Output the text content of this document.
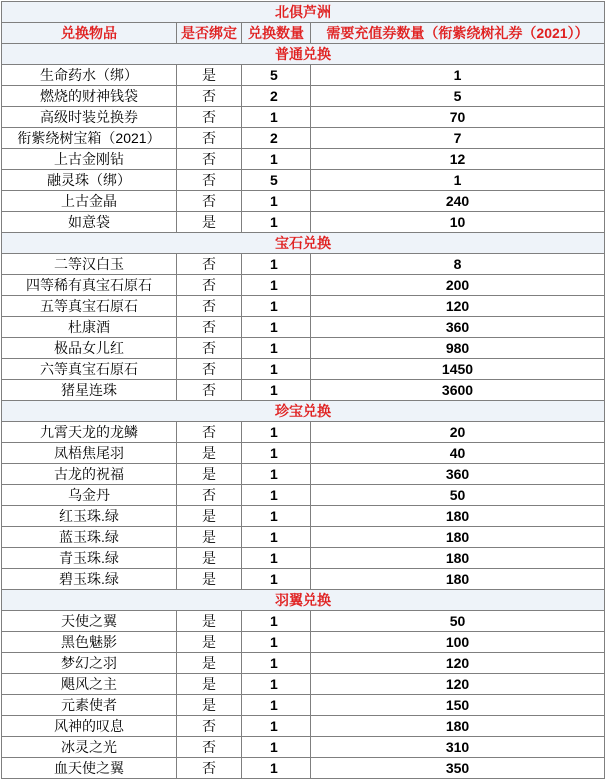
北俱芦洲			
兑换物品	是否绑定	兑换数量	需要充值券数量（衔紫绕树礼券（2021））
普通兑换			
生命药水（绑）	是	5	1
燃烧的财神钱袋	否	2	5
高级时装兑换券	否	1	70
衔紫绕树宝箱（2021）	否	2	7
上古金刚钻	否	1	12
融灵珠（绑）	否	5	1
上古金晶	否	1	240
如意袋	是	1	10
宝石兑换			
二等汉白玉	否	1	8
四等稀有真宝石原石	否	1	200
五等真宝石原石	否	1	120
杜康酒	否	1	360
极品女儿红	否	1	980
六等真宝石原石	否	1	1450
猪星连珠	否	1	3600
珍宝兑换			
九霄天龙的龙鳞	否	1	20
凤梧焦尾羽	是	1	40
古龙的祝福	是	1	360
乌金丹	否	1	50
红玉珠.绿	是	1	180
蓝玉珠.绿	是	1	180
青玉珠.绿	是	1	180
碧玉珠.绿	是	1	180
羽翼兑换			
天使之翼	是	1	50
黑色魅影	是	1	100
梦幻之羽	是	1	120
飓风之主	是	1	120
元素使者	是	1	150
风神的叹息	否	1	180
冰灵之光	否	1	310
血天使之翼	否	1	350
